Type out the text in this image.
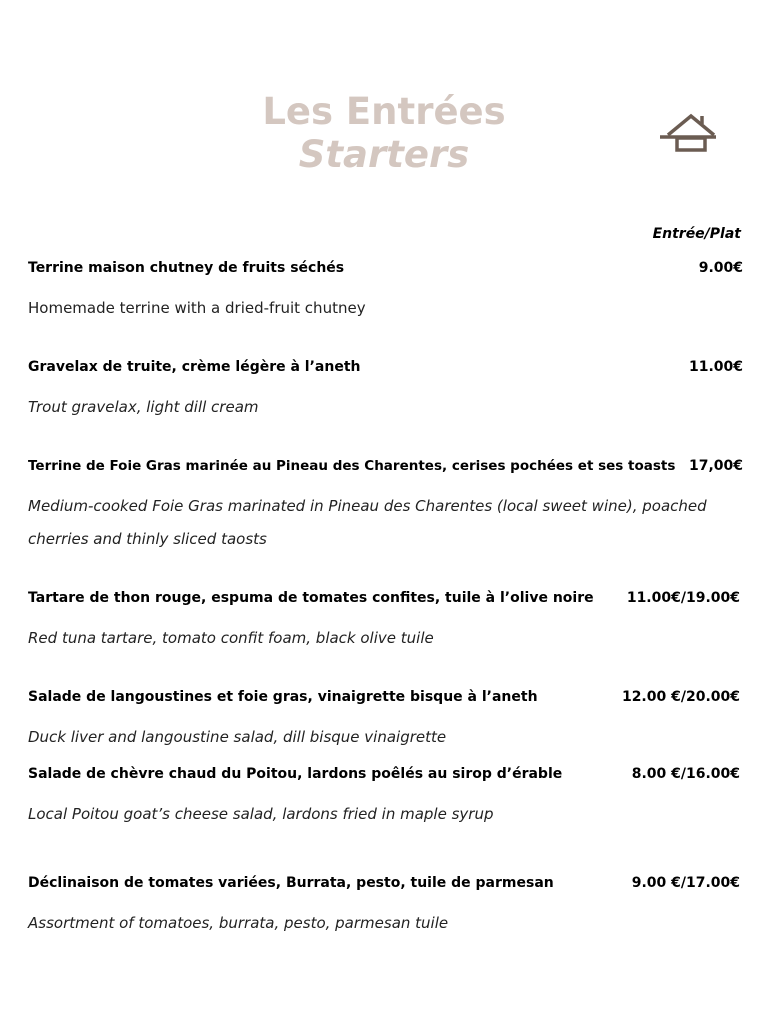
Les Entrées
Starters
Entrée/Plat
Terrine maison chutney de fruits séchés	9.00€
Homemade terrine with a dried-fruit chutney
Gravelax de truite, crème légère à l’aneth	11.00€
Trout gravelax, light dill cream
Terrine de Foie Gras marinée au Pineau des Charentes, cerises pochées et ses toasts 17,00€
Medium-cooked Foie Gras marinated in Pineau des Charentes (local sweet wine), poached cherries and thinly sliced taosts
Tartare de thon rouge, espuma de tomates confites, tuile à l’olive noire	11.00€/19.00€
Red tuna tartare, tomato confit foam, black olive tuile
Salade de langoustines et foie gras, vinaigrette bisque à l’aneth	12.00 €/20.00€
Duck liver and langoustine salad, dill bisque vinaigrette
Salade de chèvre chaud du Poitou, lardons poêlés au sirop d’érable	8.00 €/16.00€
Local Poitou goat’s cheese salad, lardons fried in maple syrup
Déclinaison de tomates variées, Burrata, pesto, tuile de parmesan	9.00 €/17.00€
Assortment of tomatoes, burrata, pesto, parmesan tuile
